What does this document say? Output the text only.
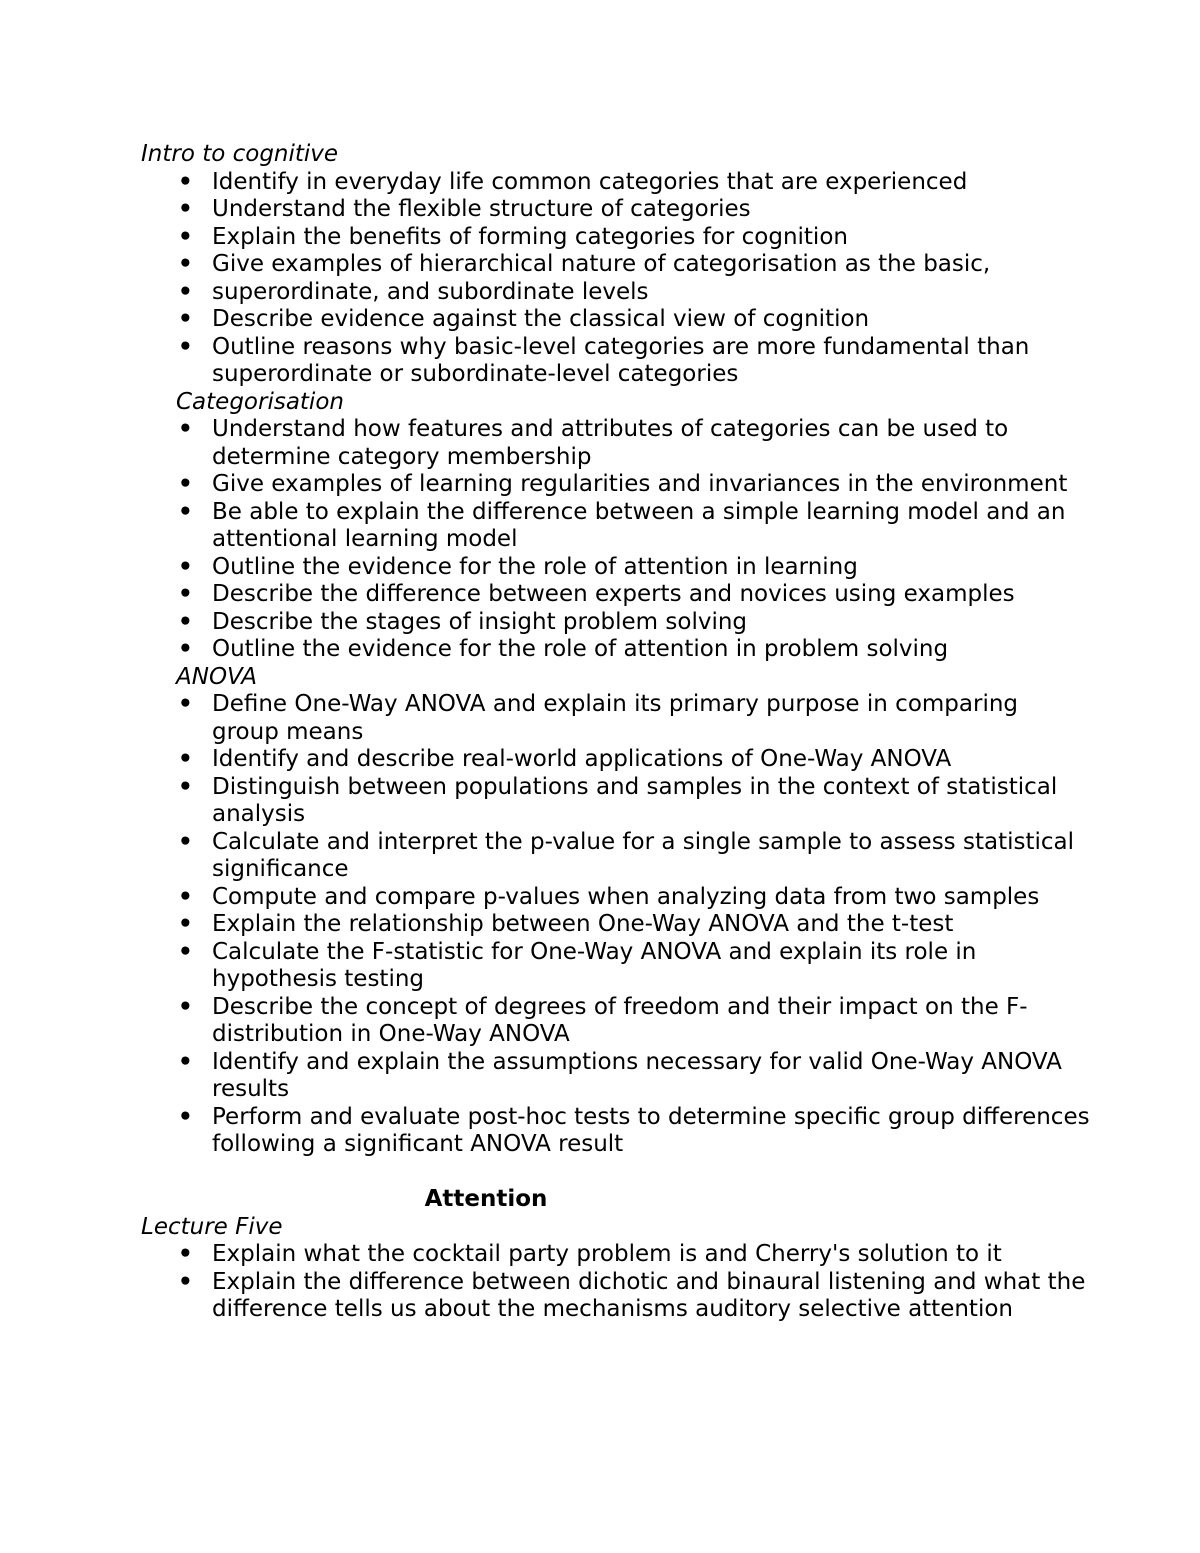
Intro to cognitive
• Identify in everyday life common categories that are experienced
• Understand the flexible structure of categories
• Explain the benefits of forming categories for cognition
• Give examples of hierarchical nature of categorisation as the basic,
• superordinate, and subordinate levels
• Describe evidence against the classical view of cognition
• Outline reasons why basic-level categories are more fundamental than superordinate or subordinate-level categories
Categorisation
• Understand how features and attributes of categories can be used to determine category membership
• Give examples of learning regularities and invariances in the environment
• Be able to explain the difference between a simple learning model and an attentional learning model
• Outline the evidence for the role of attention in learning
• Describe the difference between experts and novices using examples
• Describe the stages of insight problem solving
• Outline the evidence for the role of attention in problem solving
ANOVA
• Define One-Way ANOVA and explain its primary purpose in comparing group means
• Identify and describe real-world applications of One-Way ANOVA
• Distinguish between populations and samples in the context of statistical analysis
• Calculate and interpret the p-value for a single sample to assess statistical significance
• Compute and compare p-values when analyzing data from two samples
• Explain the relationship between One-Way ANOVA and the t-test
• Calculate the F-statistic for One-Way ANOVA and explain its role in hypothesis testing
• Describe the concept of degrees of freedom and their impact on the F-distribution in One-Way ANOVA
• Identify and explain the assumptions necessary for valid One-Way ANOVA results
• Perform and evaluate post-hoc tests to determine specific group differences following a significant ANOVA result
Attention
Lecture Five
• Explain what the cocktail party problem is and Cherry's solution to it
• Explain the difference between dichotic and binaural listening and what the difference tells us about the mechanisms auditory selective attention
